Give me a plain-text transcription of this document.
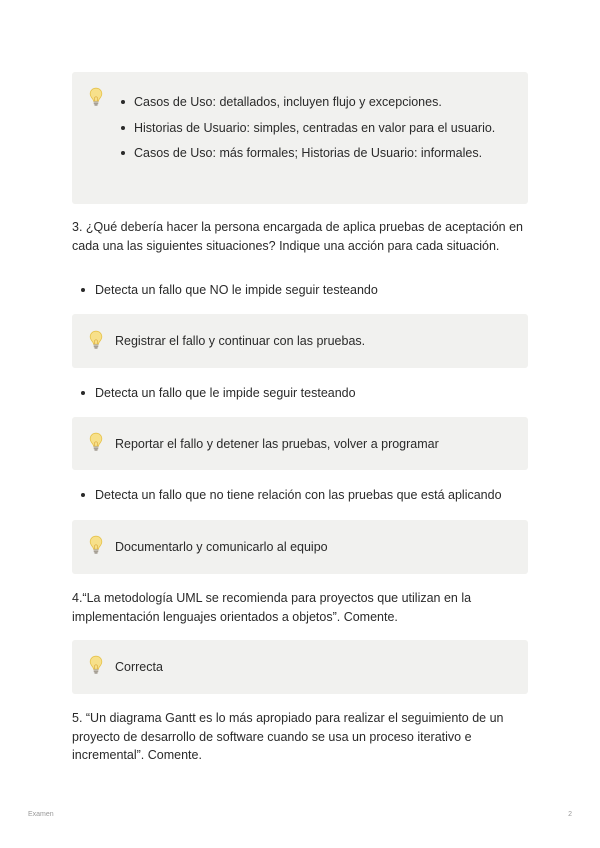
Casos de Uso: detallados, incluyen flujo y excepciones.
Historias de Usuario: simples, centradas en valor para el usuario.
Casos de Uso: más formales; Historias de Usuario: informales.

3. ¿Qué debería hacer la persona encargada de aplica pruebas de aceptación en cada una las siguientes situaciones? Indique una acción para cada situación.

Detecta un fallo que NO le impide seguir testeando
Registrar el fallo y continuar con las pruebas.
Detecta un fallo que le impide seguir testeando
Reportar el fallo y detener las pruebas, volver a programar
Detecta un fallo que no tiene relación con las pruebas que está aplicando
Documentarlo y comunicarlo al equipo

4.“La metodología UML se recomienda para proyectos que utilizan en la implementación lenguajes orientados a objetos”. Comente.

Correcta

5. “Un diagrama Gantt es lo más apropiado para realizar el seguimiento de un proyecto de desarrollo de software cuando se usa un proceso iterativo e incremental”. Comente.

Examen	2
